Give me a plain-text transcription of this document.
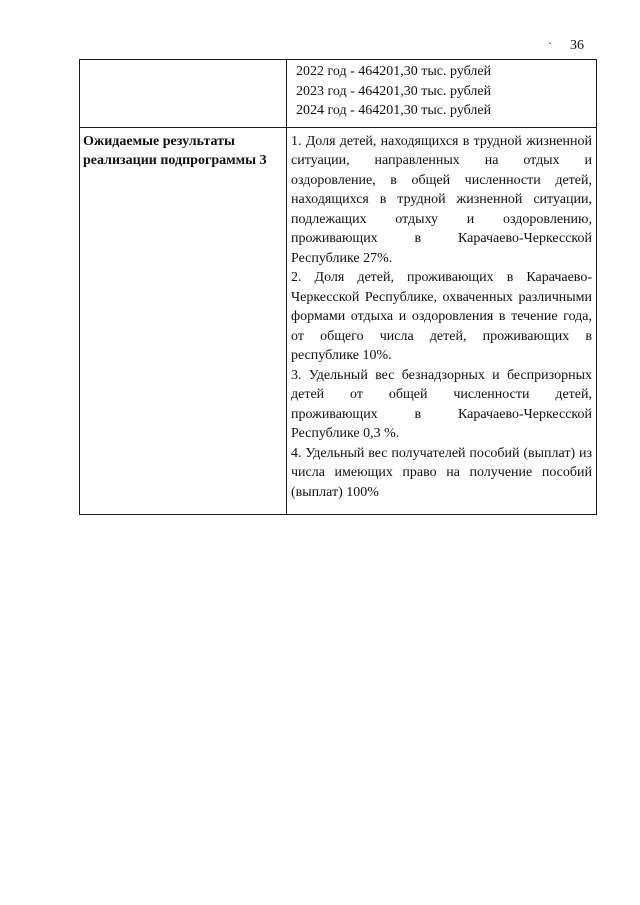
· 36

	2022 год - 464201,30 тыс. рублей
2023 год - 464201,30 тыс. рублей
2024 год - 464201,30 тыс. рублей

Ожидаемые результаты реализации подпрограммы 3	1. Доля детей, находящихся в трудной жизненной ситуации, направленных на отдых и оздоровление, в общей численности детей, находящихся в трудной жизненной ситуации, подлежащих отдыху и оздоровлению, проживающих в Карачаево-Черкесской Республике 27%.

2. Доля детей, проживающих в Карачаево-Черкесской Республике, охваченных различными формами отдыха и оздоровления в течение года, от общего числа детей, проживающих в республике 10%.

3. Удельный вес безнадзорных и беспризорных детей от общей численности детей, проживающих в Карачаево-Черкесской Республике 0,3 %.

4. Удельный вес получателей пособий (выплат) из числа имеющих право на получение пособий (выплат) 100%
